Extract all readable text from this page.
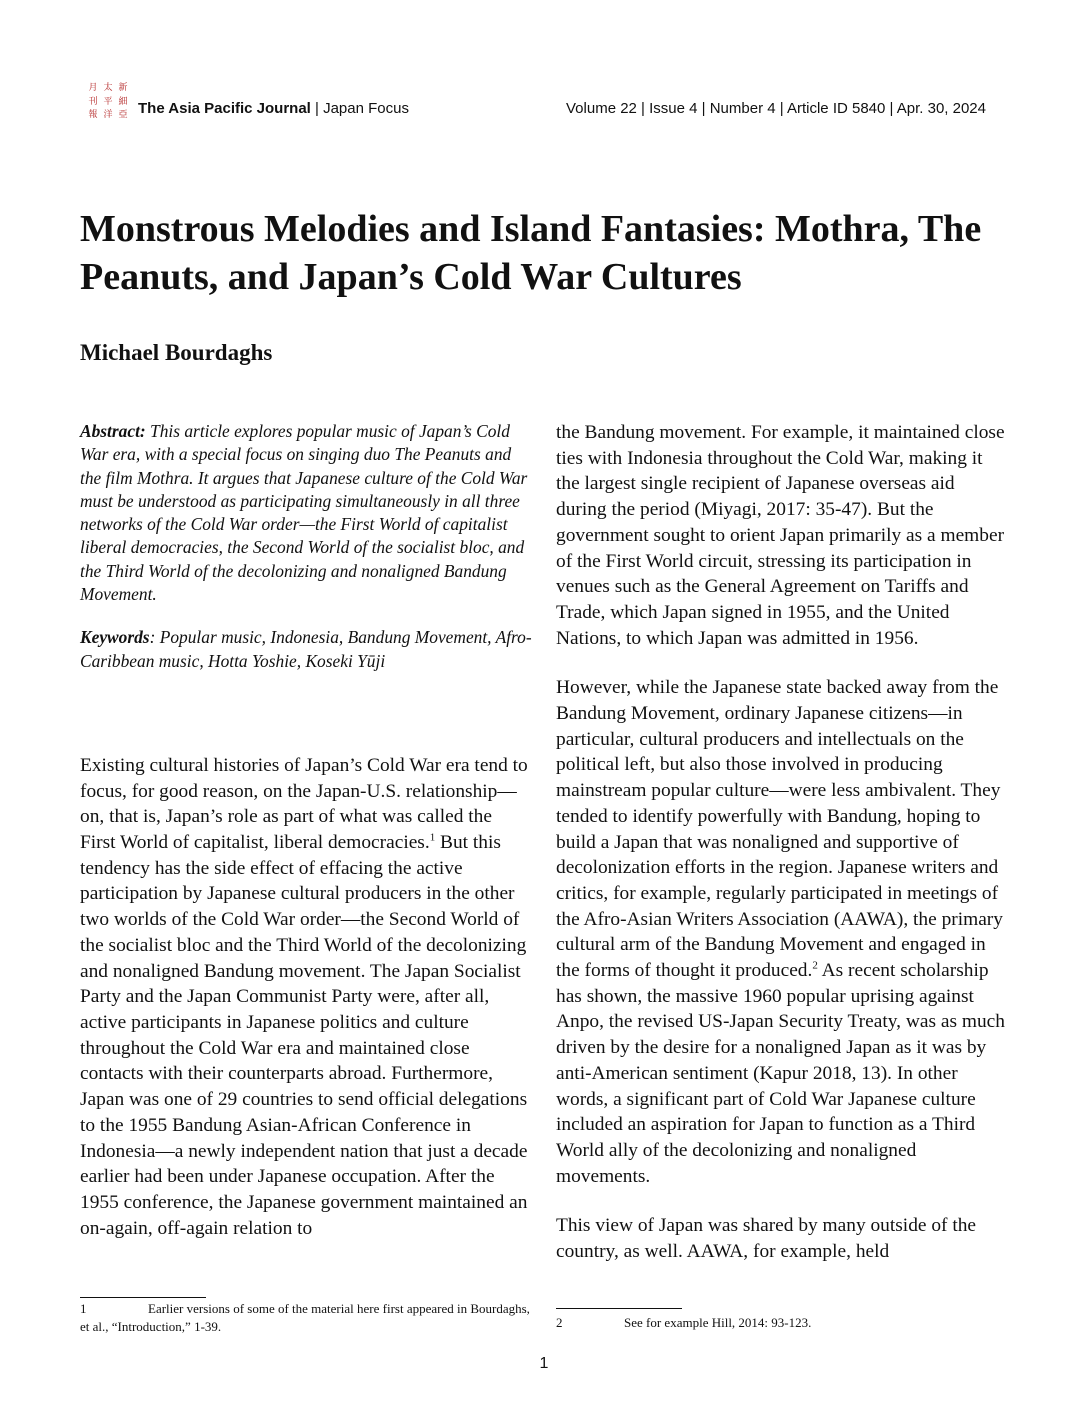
月 太 新
刊 平 細
報 洋 亞 The Asia Pacific Journal | Japan Focus	Volume 22 | Issue 4 | Number 4 | Article ID 5840 | Apr. 30, 2024
Monstrous Melodies and Island Fantasies: Mothra, The Peanuts, and Japan’s Cold War Cultures
Michael Bourdaghs

Abstract: This article explores popular music of Japan’s Cold War era, with a special focus on singing duo The Peanuts and the film Mothra. It argues that Japanese culture of the Cold War must be understood as participating simultaneously in all three networks of the Cold War order—the First World of capitalist liberal democracies, the Second World of the socialist bloc, and the Third World of the decolonizing and nonaligned Bandung Movement.

Keywords: Popular music, Indonesia, Bandung Movement, Afro-Caribbean music, Hotta Yoshie, Koseki Yūji

Existing cultural histories of Japan’s Cold War era tend to focus, for good reason, on the Japan-U.S. relationship—on, that is, Japan’s role as part of what was called the First World of capitalist, liberal democracies.$^1$ But this tendency has the side effect of effacing the active participation by Japanese cultural producers in the other two worlds of the Cold War order—the Second World of the socialist bloc and the Third World of the decolonizing and nonaligned Bandung movement. The Japan Socialist Party and the Japan Communist Party were, after all, active participants in Japanese politics and culture throughout the Cold War era and maintained close contacts with their counterparts abroad. Furthermore, Japan was one of 29 countries to send official delegations to the 1955 Bandung Asian-African Conference in Indonesia—a newly independent nation that just a decade earlier had been under Japanese occupation. After the 1955 conference, the Japanese government maintained an on-again, off-again relation to

the Bandung movement. For example, it maintained close ties with Indonesia throughout the Cold War, making it the largest single recipient of Japanese overseas aid during the period (Miyagi, 2017: 35-47). But the government sought to orient Japan primarily as a member of the First World circuit, stressing its participation in venues such as the General Agreement on Tariffs and Trade, which Japan signed in 1955, and the United Nations, to which Japan was admitted in 1956.

However, while the Japanese state backed away from the Bandung Movement, ordinary Japanese citizens—in particular, cultural producers and intellectuals on the political left, but also those involved in producing mainstream popular culture—were less ambivalent. They tended to identify powerfully with Bandung, hoping to build a Japan that was nonaligned and supportive of decolonization efforts in the region. Japanese writers and critics, for example, regularly participated in meetings of the Afro-Asian Writers Association (AAWA), the primary cultural arm of the Bandung Movement and engaged in the forms of thought it produced.$^2$ As recent scholarship has shown, the massive 1960 popular uprising against Anpo, the revised US-Japan Security Treaty, was as much driven by the desire for a nonaligned Japan as it was by anti-American sentiment (Kapur 2018, 13). In other words, a significant part of Cold War Japanese culture included an aspiration for Japan to function as a Third World ally of the decolonizing and nonaligned movements.

This view of Japan was shared by many outside of the country, as well. AAWA, for example, held

1	Earlier versions of some of the material here first appeared in Bourdaghs, et al., “Introduction,” 1-39.	2	See for example Hill, 2014: 93-123.
1
